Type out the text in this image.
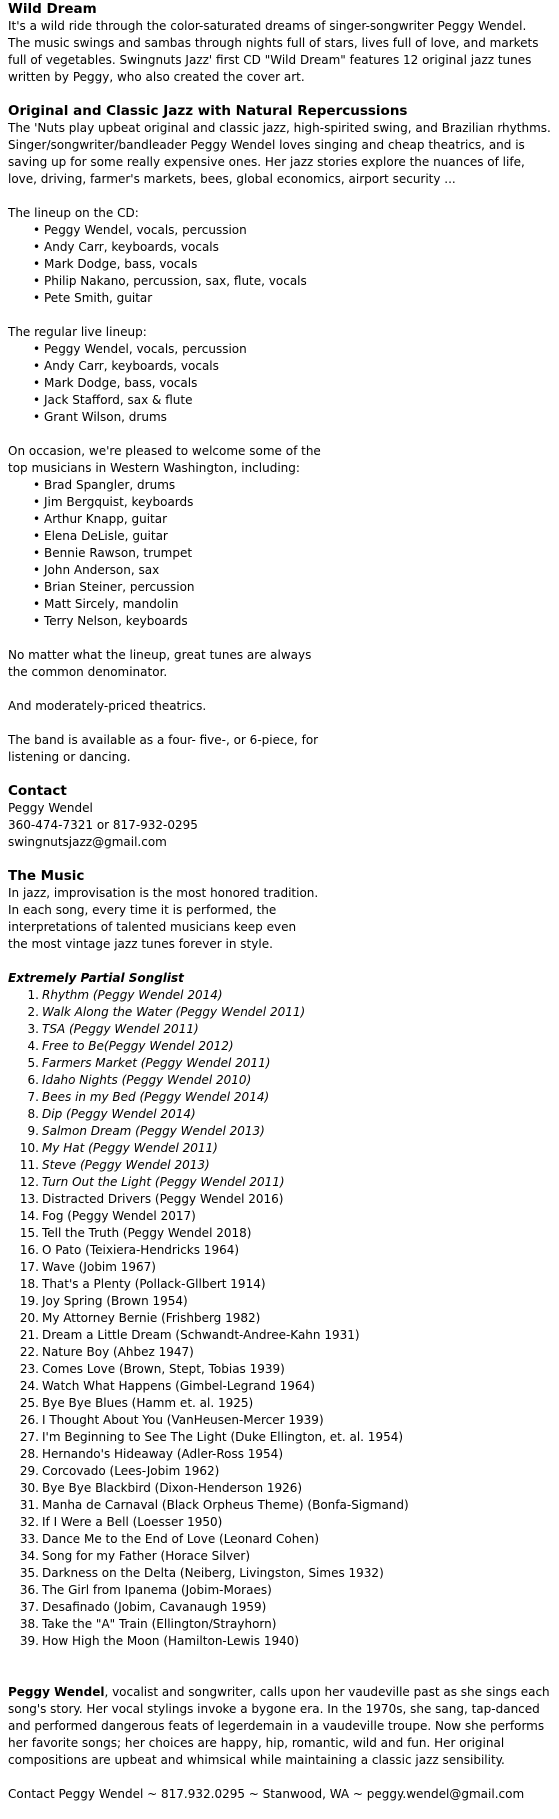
Wild Dream

It's a wild ride through the color-saturated dreams of singer-songwriter Peggy Wendel. The music swings and sambas through nights full of stars, lives full of love, and markets full of vegetables. Swingnuts Jazz' first CD "Wild Dream" features 12 original jazz tunes written by Peggy, who also created the cover art.

Original and Classic Jazz with Natural Repercussions

The 'Nuts play upbeat original and classic jazz, high-spirited swing, and Brazilian rhythms. Singer/songwriter/bandleader Peggy Wendel loves singing and cheap theatrics, and is saving up for some really expensive ones. Her jazz stories explore the nuances of life, love, driving, farmer's markets, bees, global economics, airport security ...

The lineup on the CD:

• Peggy Wendel, vocals, percussion
• Andy Carr, keyboards, vocals
• Mark Dodge, bass, vocals
• Philip Nakano, percussion, sax, flute, vocals
• Pete Smith, guitar

The regular live lineup:

• Peggy Wendel, vocals, percussion
• Andy Carr, keyboards, vocals
• Mark Dodge, bass, vocals
• Jack Stafford, sax & flute
• Grant Wilson, drums

On occasion, we're pleased to welcome some of the

top musicians in Western Washington, including:

• Brad Spangler, drums
• Jim Bergquist, keyboards
• Arthur Knapp, guitar
• Elena DeLisle, guitar
• Bennie Rawson, trumpet
• John Anderson, sax
• Brian Steiner, percussion
• Matt Sircely, mandolin
• Terry Nelson, keyboards

No matter what the lineup, great tunes are always

the common denominator.

And moderately-priced theatrics.

The band is available as a four- five-, or 6-piece, for

listening or dancing.

Contact

Peggy Wendel

360-474-7321 or 817-932-0295

swingnutsjazz@gmail.com

The Music

In jazz, improvisation is the most honored tradition.

In each song, every time it is performed, the

interpretations of talented musicians keep even

the most vintage jazz tunes forever in style.

Extremely Partial Songlist
1. Rhythm (Peggy Wendel 2014)
2. Walk Along the Water (Peggy Wendel 2011)
3. TSA (Peggy Wendel 2011)
4. Free to Be(Peggy Wendel 2012)
5. Farmers Market (Peggy Wendel 2011)
6. Idaho Nights (Peggy Wendel 2010)
7. Bees in my Bed (Peggy Wendel 2014)
8. Dip (Peggy Wendel 2014)
9. Salmon Dream (Peggy Wendel 2013)
10. My Hat (Peggy Wendel 2011)
11. Steve (Peggy Wendel 2013)
12. Turn Out the Light (Peggy Wendel 2011)
13. Distracted Drivers (Peggy Wendel 2016)
14. Fog (Peggy Wendel 2017)
15. Tell the Truth (Peggy Wendel 2018)
16. O Pato (Teixiera-Hendricks 1964)
17. Wave (Jobim 1967)
18. That's a Plenty (Pollack-Gllbert 1914)
19. Joy Spring (Brown 1954)
20. My Attorney Bernie (Frishberg 1982)
21. Dream a Little Dream (Schwandt-Andree-Kahn 1931)
22. Nature Boy (Ahbez 1947)
23. Comes Love (Brown, Stept, Tobias 1939)
24. Watch What Happens (Gimbel-Legrand 1964)
25. Bye Bye Blues (Hamm et. al. 1925)
26. I Thought About You (VanHeusen-Mercer 1939)
27. I'm Beginning to See The Light (Duke Ellington, et. al. 1954)
28. Hernando's Hideaway (Adler-Ross 1954)
29. Corcovado (Lees-Jobim 1962)
30. Bye Bye Blackbird (Dixon-Henderson 1926)
31. Manha de Carnaval (Black Orpheus Theme) (Bonfa-Sigmand)
32. If I Were a Bell (Loesser 1950)
33. Dance Me to the End of Love (Leonard Cohen)
34. Song for my Father (Horace Silver)
35. Darkness on the Delta (Neiberg, Livingston, Simes 1932)
36. The Girl from Ipanema (Jobim-Moraes)
37. Desafinado (Jobim, Cavanaugh 1959)
38. Take the "A" Train (Ellington/Strayhorn)
39. How High the Moon (Hamilton-Lewis 1940)

Peggy Wendel, vocalist and songwriter, calls upon her vaudeville past as she sings each song's story. Her vocal stylings invoke a bygone era. In the 1970s, she sang, tap-danced and performed dangerous feats of legerdemain in a vaudeville troupe. Now she performs her favorite songs; her choices are happy, hip, romantic, wild and fun. Her original compositions are upbeat and whimsical while maintaining a classic jazz sensibility.

Contact Peggy Wendel ~ 817.932.0295 ~ Stanwood, WA ~ peggy.wendel@gmail.com
